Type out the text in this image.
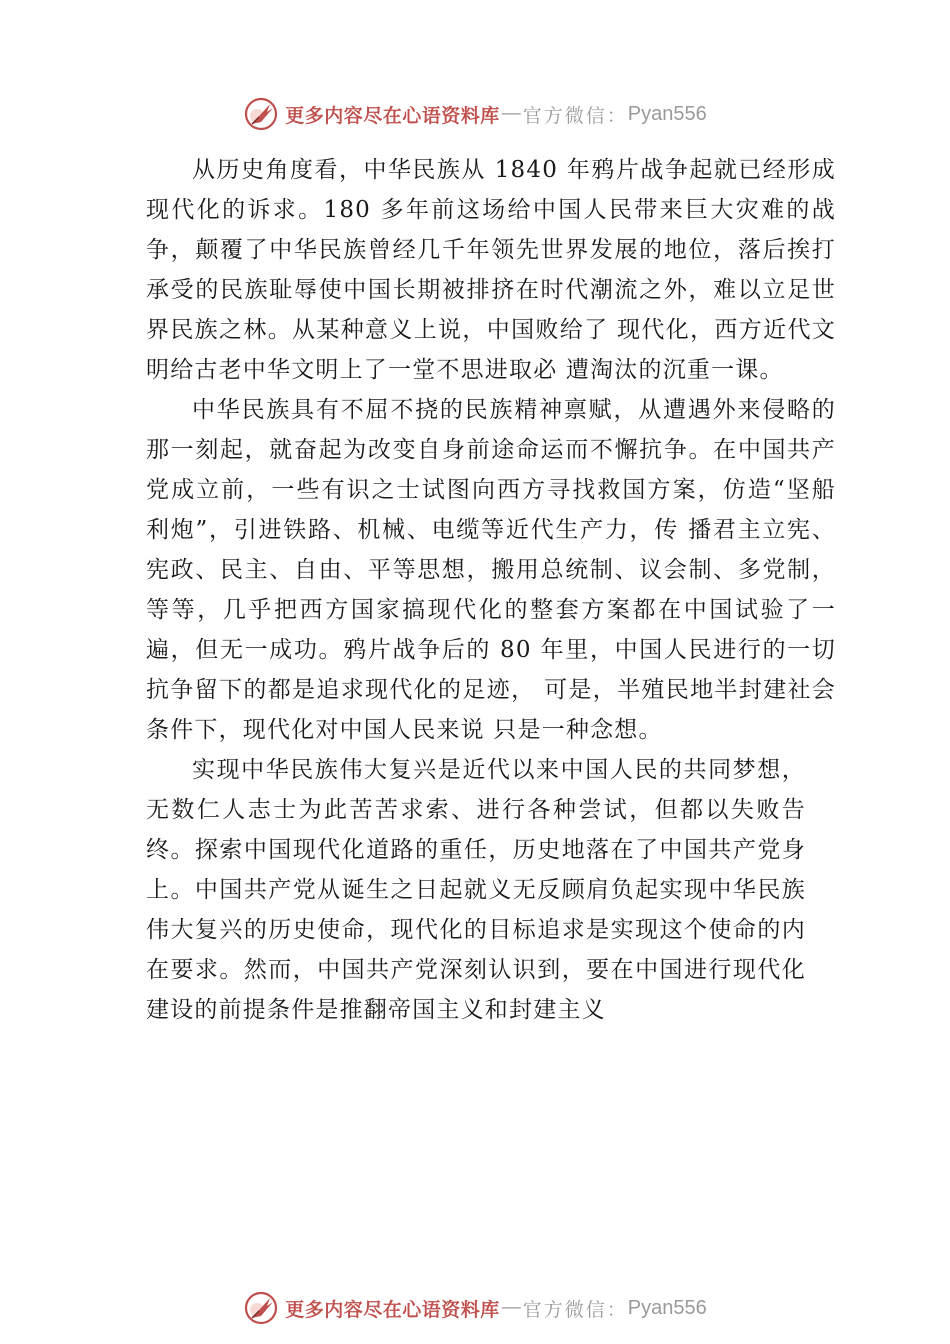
更多内容尽在心语资料库 — 官方微信： Pyan556

从历史角度看，中华民族从 1840 年鸦片战争起就已经形成现代化的诉求。180 多年前这场给中国人民带来巨大灾难的战争，颠覆了中华民族曾经几千年领先世界发展的地位，落后挨打承受的民族耻辱使中国长期被排挤在时代潮流之外，难以立足世界民族之林。从某种意义上说，中国败给了 现代化，西方近代文明给古老中华文明上了一堂不思进取必 遭淘汰的沉重一课。

中华民族具有不屈不挠的民族精神禀赋，从遭遇外来侵略的那一刻起，就奋起为改变自身前途命运而不懈抗争。在中国共产党成立前，一些有识之士试图向西方寻找救国方案，仿造“坚船利炮”，引进铁路、机械、电缆等近代生产力，传 播君主立宪、宪政、民主、自由、平等思想，搬用总统制、议会制、多党制，等等，几乎把西方国家搞现代化的整套方案都在中国试验了一遍，但无一成功。鸦片战争后的 80 年里，中国人民进行的一切抗争留下的都是追求现代化的足迹， 可是，半殖民地半封建社会条件下，现代化对中国人民来说 只是一种念想。

实现中华民族伟大复兴是近代以来中国人民的共同梦想，无数仁人志士为此苦苦求索、进行各种尝试，但都以失败告终。探索中国现代化道路的重任，历史地落在了中国共产党身上。中国共产党从诞生之日起就义无反顾肩负起实现中华民族伟大复兴的历史使命，现代化的目标追求是实现这个使命的内在要求。然而，中国共产党深刻认识到，要在中国进行现代化建设的前提条件是推翻帝国主义和封建主义

更多内容尽在心语资料库 — 官方微信： Pyan556
